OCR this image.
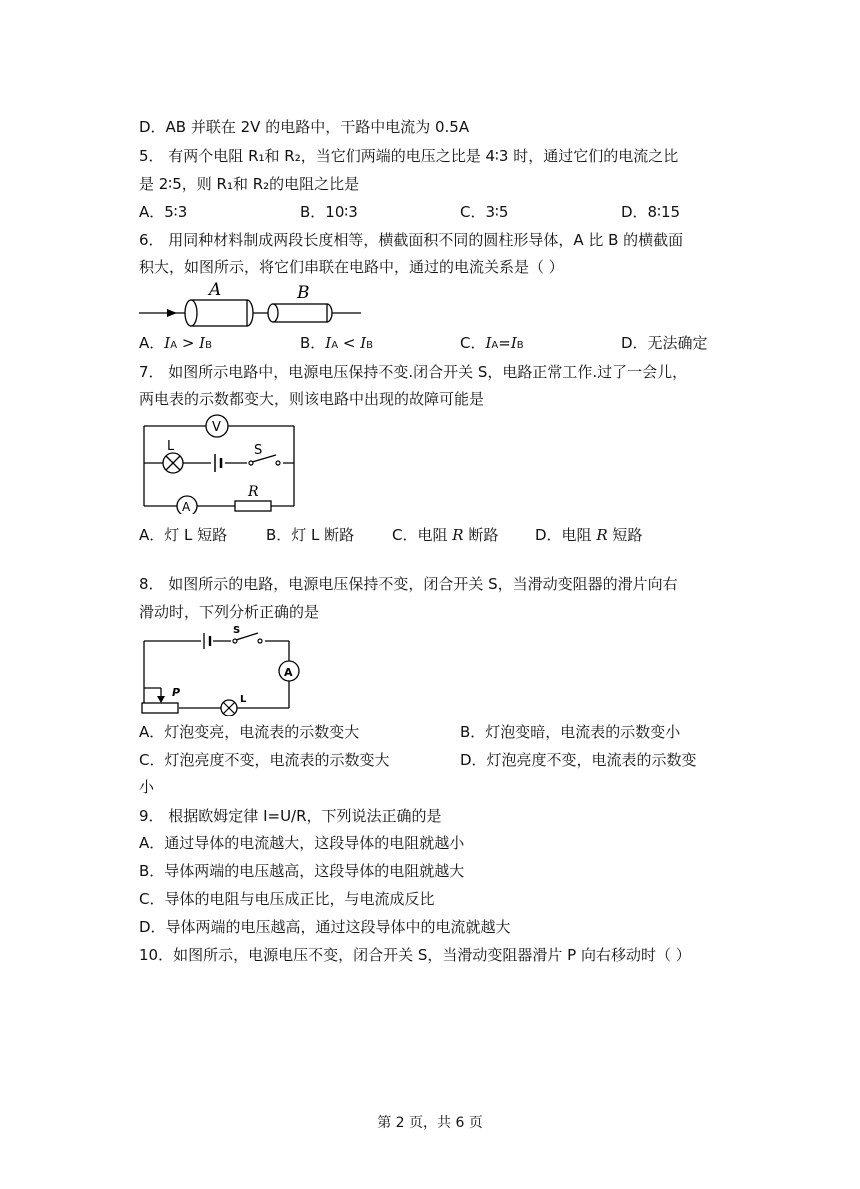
D．AB 并联在 2V 的电路中，干路中电流为 0.5A
5． 有两个电阻 R₁和 R₂，当它们两端的电压之比是 4∶3 时，通过它们的电流之比
是 2∶5，则 R₁和 R₂的电阻之比是
A．5∶3	B．10∶3	C．3∶5	D．8∶15
6． 用同种材料制成两段长度相等，横截面积不同的圆柱形导体，A 比 B 的横截面
积大，如图所示，将它们串联在电路中，通过的电流关系是（ ）
A	B
A．IA > IB	B．IA < IB	C．IA=IB	D．无法确定
7． 如图所示电路中，电源电压保持不变.闭合开关 S，电路正常工作.过了一会儿，
两电表的示数都变大，则该电路中出现的故障可能是
V
L	S
A
R
A．灯 L 短路	B．灯 L 断路	C．电阻 R 断路 D．电阻 R 短路
8． 如图所示的电路，电源电压保持不变，闭合开关 S，当滑动变阻器的滑片向右
滑动时，下列分析正确的是
S
A
P
L
A．灯泡变亮，电流表的示数变大	B．灯泡变暗，电流表的示数变小
C．灯泡亮度不变，电流表的示数变大	D．灯泡亮度不变，电流表的示数变
小
9． 根据欧姆定律 I=U/R，下列说法正确的是
A．通过导体的电流越大，这段导体的电阻就越小
B．导体两端的电压越高，这段导体的电阻就越大
C．导体的电阻与电压成正比，与电流成反比
D．导体两端的电压越高，通过这段导体中的电流就越大
10．如图所示，电源电压不变，闭合开关 S，当滑动变阻器滑片 P 向右移动时（ ）
第 2 页，共 6 页
